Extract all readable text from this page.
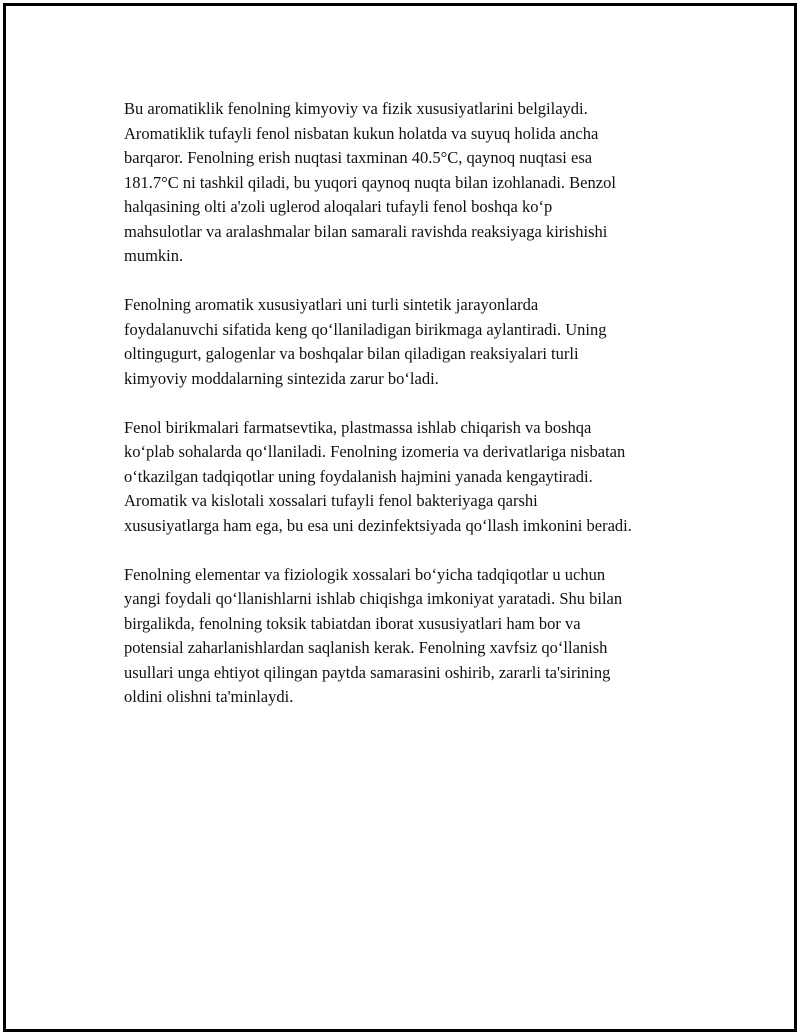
Bu aromatiklik fenolning kimyoviy va fizik xususiyatlarini belgilaydi.
Aromatiklik tufayli fenol nisbatan kukun holatda va suyuq holida ancha
barqaror. Fenolning erish nuqtasi taxminan 40.5°C, qaynoq nuqtasi esa
181.7°C ni tashkil qiladi, bu yuqori qaynoq nuqta bilan izohlanadi. Benzol
halqasining olti a'zoli uglerod aloqalari tufayli fenol boshqa koʻp
mahsulotlar va aralashmalar bilan samarali ravishda reaksiyaga kirishishi
mumkin.

Fenolning aromatik xususiyatlari uni turli sintetik jarayonlarda
foydalanuvchi sifatida keng qoʻllaniladigan birikmaga aylantiradi. Uning
oltingugurt, galogenlar va boshqalar bilan qiladigan reaksiyalari turli
kimyoviy moddalarning sintezida zarur boʻladi.

Fenol birikmalari farmatsevtika, plastmassa ishlab chiqarish va boshqa
koʻplab sohalarda qoʻllaniladi. Fenolning izomeria va derivatlariga nisbatan
oʻtkazilgan tadqiqotlar uning foydalanish hajmini yanada kengaytiradi.
Aromatik va kislotali xossalari tufayli fenol bakteriyaga qarshi
xususiyatlarga ham ega, bu esa uni dezinfektsiyada qoʻllash imkonini beradi.

Fenolning elementar va fiziologik xossalari boʻyicha tadqiqotlar u uchun
yangi foydali qoʻllanishlarni ishlab chiqishga imkoniyat yaratadi. Shu bilan
birgalikda, fenolning toksik tabiatdan iborat xususiyatlari ham bor va
potensial zaharlanishlardan saqlanish kerak. Fenolning xavfsiz qoʻllanish
usullari unga ehtiyot qilingan paytda samarasini oshirib, zararli ta'sirining
oldini olishni ta'minlaydi.
